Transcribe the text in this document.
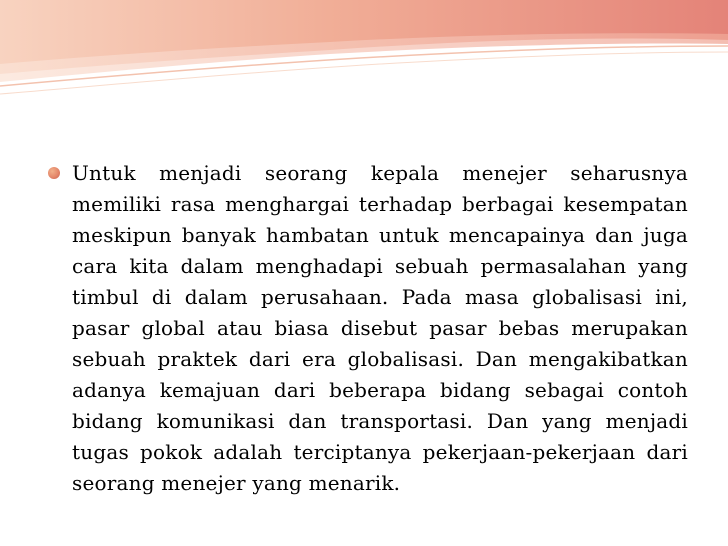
Untuk menjadi seorang kepala menejer seharusnya memiliki rasa menghargai terhadap berbagai kesempatan meskipun banyak hambatan untuk mencapainya dan juga cara kita dalam menghadapi sebuah permasalahan yang timbul di dalam perusahaan. Pada masa globalisasi ini, pasar global atau biasa disebut pasar bebas merupakan sebuah praktek dari era globalisasi. Dan mengakibatkan adanya kemajuan dari beberapa bidang sebagai contoh bidang komunikasi dan transportasi. Dan yang menjadi tugas pokok adalah terciptanya pekerjaan-pekerjaan dari seorang menejer yang menarik.
